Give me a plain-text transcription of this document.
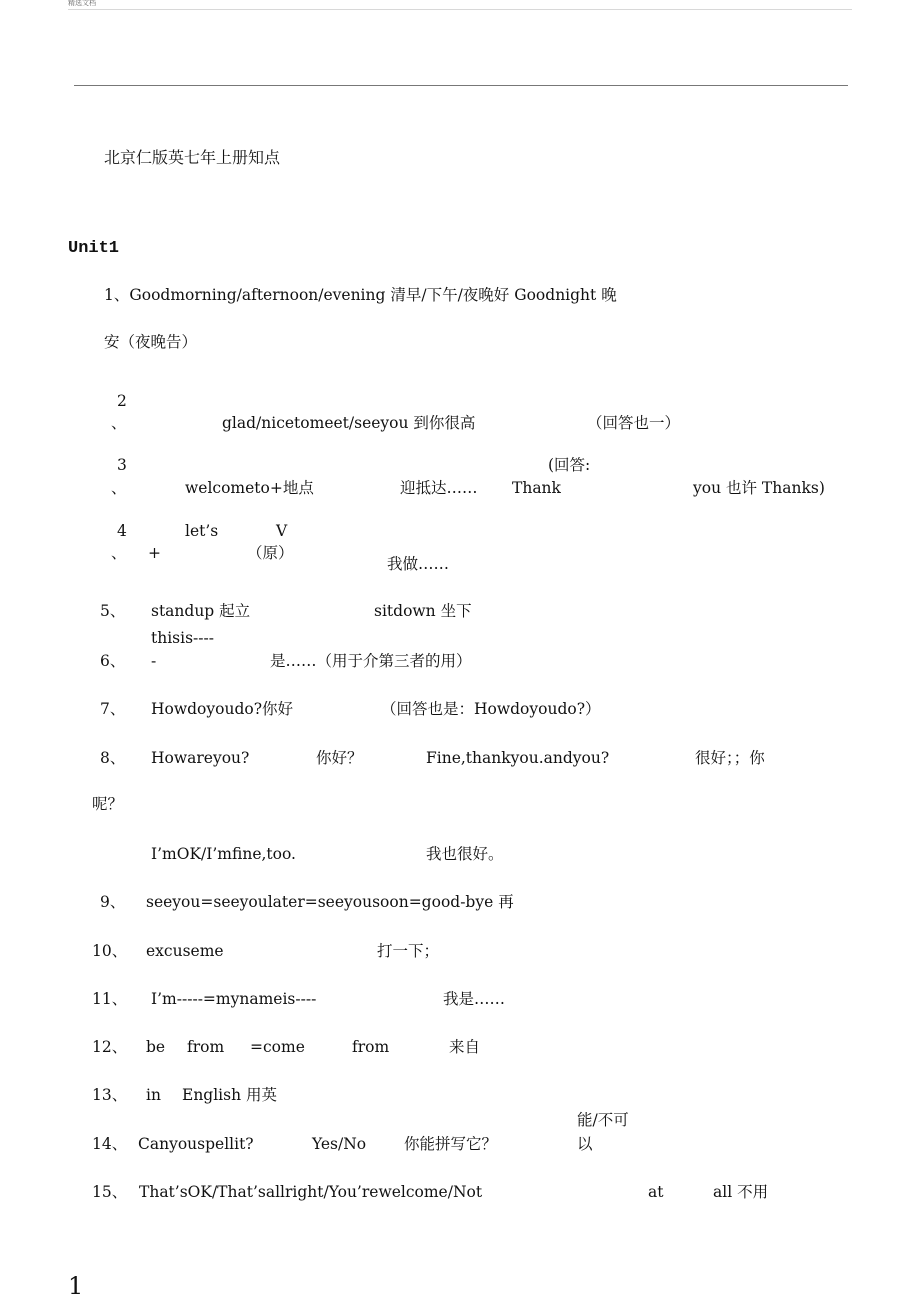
精选文档
北京仁版英七年上册知点
Unit1
1、Goodmorning/afternoon/evening 清早/下午/夜晚好 Goodnight 晚
安（夜晚告）
2
、	glad/nicetomeet/seeyou 到你很高	（回答也一）
3	(回答:
、	welcometo+地点	迎抵达…… Thank	you 也许 Thanks)
4	let’s	V
、 +	（原）
我做……
5、 standup 起立	sitdown 坐下
thisis----
6、 -	是……（用于介第三者的用）
7、 Howdoyoudo?你好	（回答也是：Howdoyoudo?）
8、 Howareyou?	你好？	Fine,thankyou.andyou?	很好；；你
呢？
I’mOK/I’mfine,too.	我也很好。
9、 seeyou=seeyoulater=seeyousoon=good-bye 再
10、 excuseme	打一下；
11、 I’m-----=mynameis----	我是……
12、 be from =come	from	来自
13、 in English 用英
能/不可
14、 Canyouspellit?	Yes/No 你能拼写它？	以
15、 That’sOK/That’sallright/You’rewelcome/Not	at	all 不用
1
